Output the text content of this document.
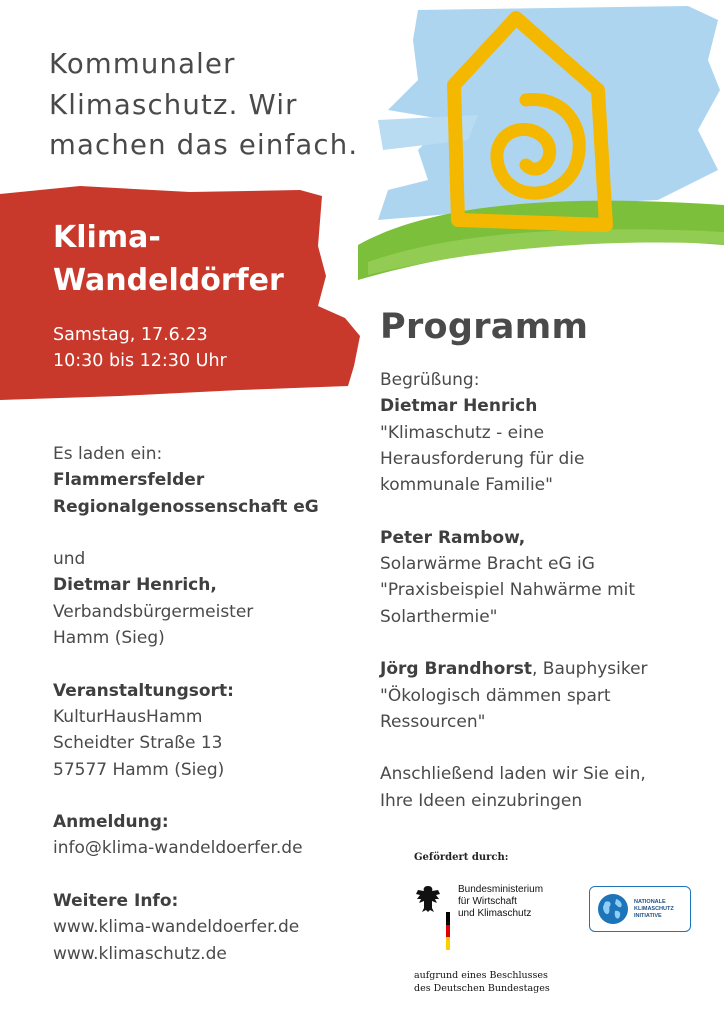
Kommunaler
Klimaschutz. Wir
machen das einfach.
Klima-
Wandeldörfer
Samstag, 17.6.23
10:30 bis 12:30 Uhr
Programm
Es laden ein:
Flammersfelder
Regionalgenossenschaft eG
und
Dietmar Henrich,
Verbandsbürgermeister
Hamm (Sieg)
Veranstaltungsort:
KulturHausHamm
Scheidter Straße 13
57577 Hamm (Sieg)
Anmeldung:
info@klima-wandeldoerfer.de
Weitere Info:
www.klima-wandeldoerfer.de
www.klimaschutz.de
Begrüßung:
Dietmar Henrich
"Klimaschutz - eine
Herausforderung für die
kommunale Familie"
Peter Rambow,
Solarwärme Bracht eG iG
"Praxisbeispiel Nahwärme mit
Solarthermie"
Jörg Brandhorst, Bauphysiker
"Ökologisch dämmen spart
Ressourcen"
Anschließend laden wir Sie ein,
Ihre Ideen einzubringen
Gefördert durch:
Bundesministerium
für Wirtschaft
und Klimaschutz
aufgrund eines Beschlusses
des Deutschen Bundestages
NATIONALE
KLIMASCHUTZ
INITIATIVE
